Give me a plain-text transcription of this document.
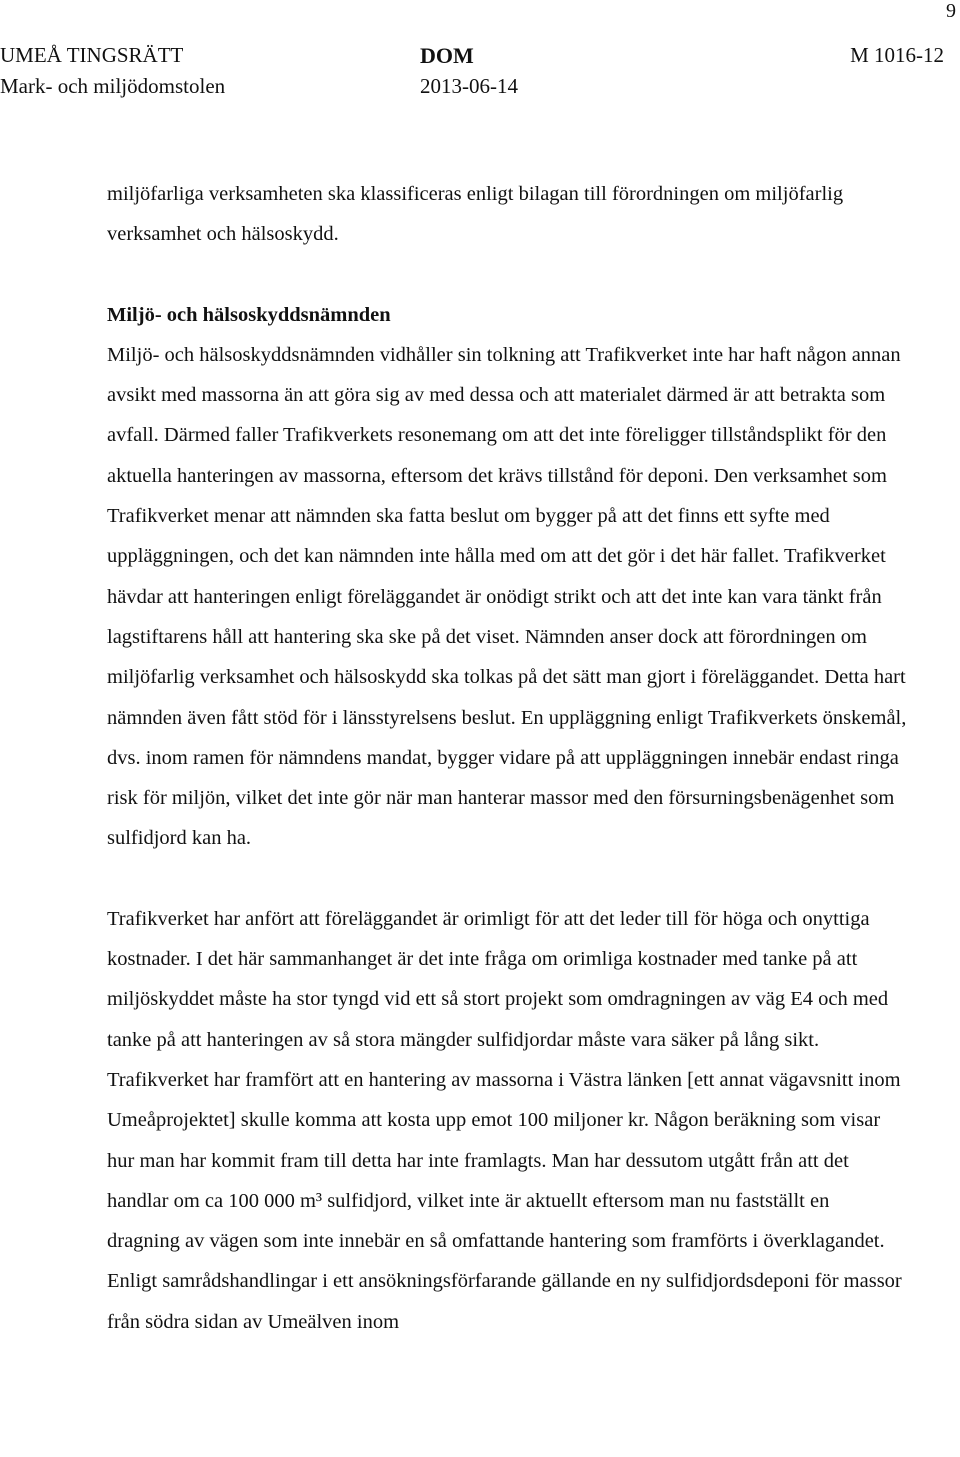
9
UMEÅ TINGSRÄTT	DOM	M 1016-12
Mark- och miljödomstolen	2013-06-14

miljöfarliga verksamheten ska klassificeras enligt bilagan till förordningen om miljöfarlig verksamhet och hälsoskydd.

Miljö- och hälsoskyddsnämnden

Miljö- och hälsoskyddsnämnden vidhåller sin tolkning att Trafikverket inte har haft någon annan avsikt med massorna än att göra sig av med dessa och att materialet därmed är att betrakta som avfall. Därmed faller Trafikverkets resonemang om att det inte föreligger tillståndsplikt för den aktuella hanteringen av massorna, eftersom det krävs tillstånd för deponi. Den verksamhet som Trafikverket menar att nämnden ska fatta beslut om bygger på att det finns ett syfte med uppläggningen, och det kan nämnden inte hålla med om att det gör i det här fallet. Trafikverket hävdar att hanteringen enligt föreläggandet är onödigt strikt och att det inte kan vara tänkt från lagstiftarens håll att hantering ska ske på det viset. Nämnden anser dock att förordningen om miljöfarlig verksamhet och hälsoskydd ska tolkas på det sätt man gjort i föreläggandet. Detta hart nämnden även fått stöd för i länsstyrelsens beslut. En uppläggning enligt Trafikverkets önskemål, dvs. inom ramen för nämndens mandat, bygger vidare på att uppläggningen innebär endast ringa risk för miljön, vilket det inte gör när man hanterar massor med den försurningsbenägenhet som sulfidjord kan ha.

Trafikverket har anfört att föreläggandet är orimligt för att det leder till för höga och onyttiga kostnader. I det här sammanhanget är det inte fråga om orimliga kostnader med tanke på att miljöskyddet måste ha stor tyngd vid ett så stort projekt som omdragningen av väg E4 och med tanke på att hanteringen av så stora mängder sulfidjordar måste vara säker på lång sikt. Trafikverket har framfört att en hantering av massorna i Västra länken [ett annat vägavsnitt inom Umeåprojektet] skulle komma att kosta upp emot 100 miljoner kr. Någon beräkning som visar hur man har kommit fram till detta har inte framlagts. Man har dessutom utgått från att det handlar om ca 100 000 m³ sulfidjord, vilket inte är aktuellt eftersom man nu fastställt en dragning av vägen som inte innebär en så omfattande hantering som framförts i överklagandet. Enligt samrådshandlingar i ett ansökningsförfarande gällande en ny sulfidjordsdeponi för massor från södra sidan av Umeälven inom
